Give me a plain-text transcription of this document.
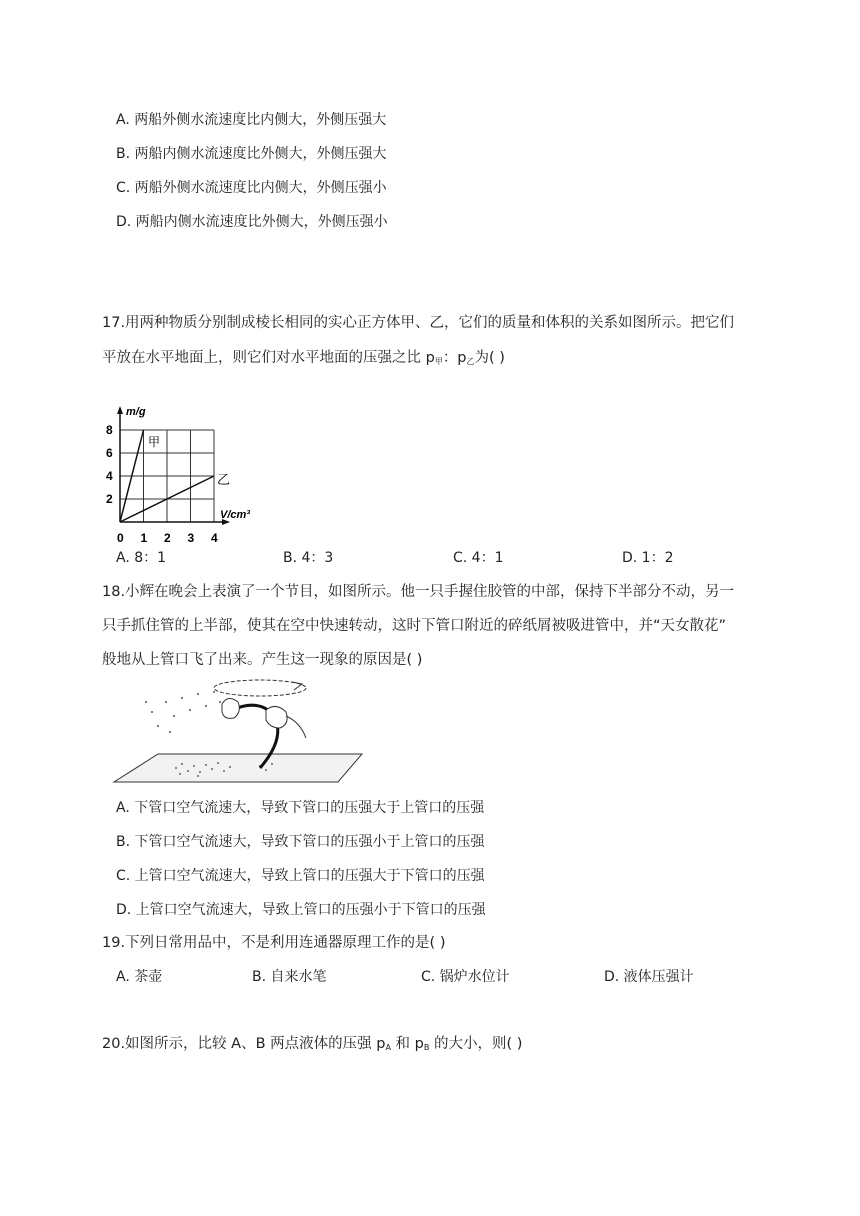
A. 两船外侧水流速度比内侧大，外侧压强大
B. 两船内侧水流速度比外侧大，外侧压强大
C. 两船外侧水流速度比内侧大，外侧压强小
D. 两船内侧水流速度比外侧大，外侧压强小
17.用两种物质分别制成棱长相同的实心正方体甲、乙，它们的质量和体积的关系如图所示。把它们
平放在水平地面上，则它们对水平地面的压强之比 $p_甲$：$p_乙$为( )
0 1 2 3 4
2
4
6
8
m/g
V/cm³
甲
乙
A. 8：1	B. 4：3	C. 4：1	D. 1：2
18.小辉在晚会上表演了一个节目，如图所示。他一只手握住胶管的中部，保持下半部分不动，另一
只手抓住管的上半部，使其在空中快速转动，这时下管口附近的碎纸屑被吸进管中，并“天女散花”
般地从上管口飞了出来。产生这一现象的原因是( )
A. 下管口空气流速大，导致下管口的压强大于上管口的压强
B. 下管口空气流速大，导致下管口的压强小于上管口的压强
C. 上管口空气流速大，导致上管口的压强大于下管口的压强
D. 上管口空气流速大，导致上管口的压强小于下管口的压强
19.下列日常用品中，不是利用连通器原理工作的是( )
A. 茶壶	B. 自来水笔	C. 锅炉水位计	D. 液体压强计
20.如图所示，比较 A、B 两点液体的压强 $p_A$ 和 $p_B$ 的大小，则( )
